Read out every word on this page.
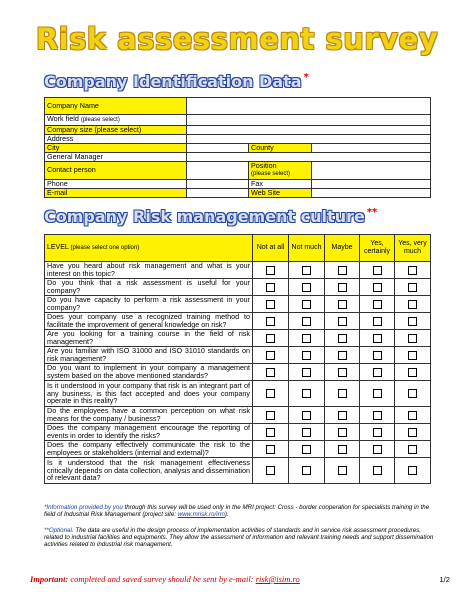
Risk assessment survey
Company Identification Data *
Company Name			
Work field (please select)			
Company size (please select)			
Address			
City		County	
General Manager			
Contact person		Position
(please select)	
Phone		Fax	
E-mail		Web Site	
Company Risk management culture **
LEVEL (please select one option)	Not at all	Not much	Maybe	Yes, certainly	Yes, very much
Have you heard about risk management and what is your interest on this topic?					
Do you think that a risk assessment is useful for your company?					
Do you have capacity to perform a risk assessment in your company?					
Does your company use a recognized training method to facilitate the improvement of general knowledge on risk?					
Are you looking for a training course in the field of risk management?					
Are you familiar with ISO 31000 and ISO 31010 standards on risk management?					
Do you want to implement in your company a management system based on the above mentioned standards?					
Is it understood in your company that risk is an integrant part of any business, is this fact accepted and does your company operate in this reality?					
Do the employees have a common perception on what risk means for the company / business?					
Does the company management encourage the reporting of events in order to identify the risks?					
Does the company effectively communicate the risk to the employees or stakeholders (internal and external)?					
Is it understood that the risk management effectiveness critically depends on data collection, analysis and dissemination of relevant data?					
*Information provided by you through this survey will be used only in the MRI project: Cross - border cooperation for specialists training in the field of Industrial Risk Management (project site: www.mrisk.ro/irm).
**Optional. The data are useful in the design process of implementation activities of standards and in service risk assessment procedures, related to industrial facilities and equipments. They allow the assessment of information and relevant training needs and support dissemination activities related to industrial risk management.
Important: completed and saved survey should be sent by e-mail: risk@isim.ro	1/2
